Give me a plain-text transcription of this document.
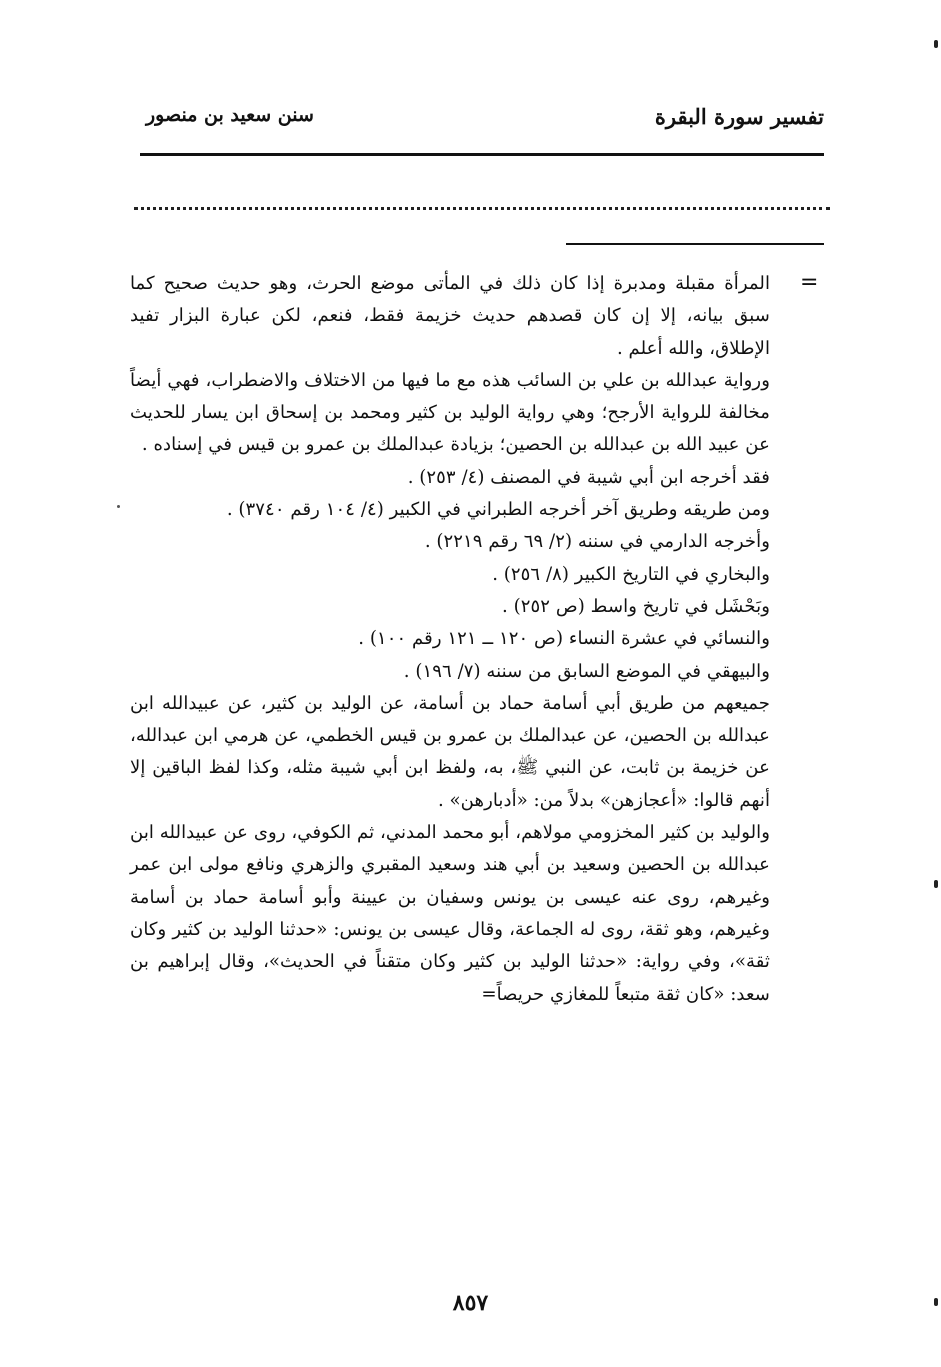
تفسير سورة البقرة
سنن سعيد بن منصور
=

المرأة مقبلة ومدبرة إذا كان ذلك في المأتى موضع الحرث، وهو حديث صحيح كما سبق بيانه، إلا إن كان قصدهم حديث خزيمة فقط، فنعم، لكن عبارة البزار تفيد الإطلاق، والله أعلم .

ورواية عبدالله بن علي بن السائب هذه مع ما فيها من الاختلاف والاضطراب، فهي أيضاً مخالفة للرواية الأرجح؛ وهي رواية الوليد بن كثير ومحمد بن إسحاق ابن يسار للحديث عن عبيد الله بن عبدالله بن الحصين؛ بزيادة عبدالملك بن عمرو بن قيس في إسناده .

فقد أخرجه ابن أبي شيبة في المصنف (٤/ ٢٥٣) .

ومن طريقه وطريق آخر أخرجه الطبراني في الكبير (٤/ ١٠٤ رقم ٣٧٤٠) .

وأخرجه الدارمي في سننه (٢/ ٦٩ رقم ٢٢١٩) .

والبخاري في التاريخ الكبير (٨/ ٢٥٦) .

وبَحْشَل في تاريخ واسط (ص ٢٥٢) .

والنسائي في عشرة النساء (ص ١٢٠ ــ ١٢١ رقم ١٠٠) .

والبيهقي في الموضع السابق من سننه (٧/ ١٩٦) .

جميعهم من طريق أبي أسامة حماد بن أسامة، عن الوليد بن كثير، عن عبيدالله ابن عبدالله بن الحصين، عن عبدالملك بن عمرو بن قيس الخطمي، عن هرمي ابن عبدالله، عن خزيمة بن ثابت، عن النبي ﷺ، به، ولفظ ابن أبي شيبة مثله، وكذا لفظ الباقين إلا أنهم قالوا: «أعجازهن» بدلاً من: «أدبارهن» .

والوليد بن كثير المخزومي مولاهم، أبو محمد المدني، ثم الكوفي، روى عن عبيدالله ابن عبدالله بن الحصين وسعيد بن أبي هند وسعيد المقبري والزهري ونافع مولى ابن عمر وغيرهم، روى عنه عيسى بن يونس وسفيان بن عيينة وأبو أسامة حماد بن أسامة وغيرهم، وهو ثقة، روى له الجماعة، وقال عيسى بن يونس: «حدثنا الوليد بن كثير وكان ثقة»، وفي رواية: «حدثنا الوليد بن كثير وكان متقناً في الحديث»، وقال إبراهيم بن سعد: «كان ثقة متبعاً للمغازي حريصاً=

٨٥٧
